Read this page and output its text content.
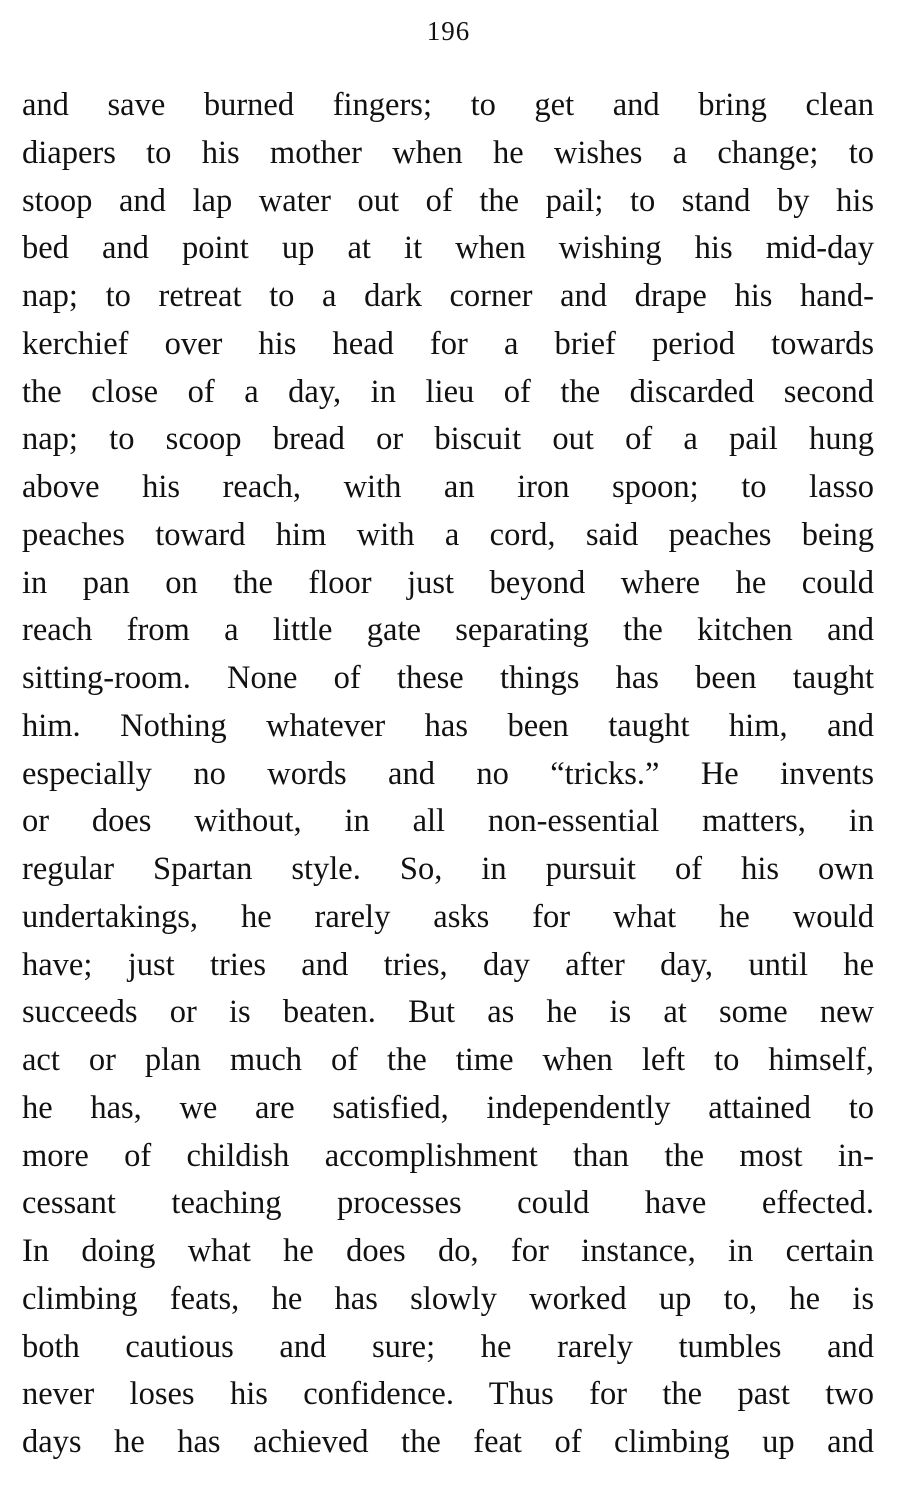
196
and save burned fingers; to get and bring clean
diapers to his mother when he wishes a change; to
stoop and lap water out of the pail; to stand by his
bed and point up at it when wishing his mid-day
nap; to retreat to a dark corner and drape his hand-
kerchief over his head for a brief period towards
the close of a day, in lieu of the discarded second
nap; to scoop bread or biscuit out of a pail hung
above his reach, with an iron spoon; to lasso
peaches toward him with a cord, said peaches being
in pan on the floor just beyond where he could
reach from a little gate separating the kitchen and
sitting-room. None of these things has been taught
him. Nothing whatever has been taught him, and
especially no words and no “tricks.” He invents
or does without, in all non-essential matters, in
regular Spartan style. So, in pursuit of his own
undertakings, he rarely asks for what he would
have; just tries and tries, day after day, until he
succeeds or is beaten. But as he is at some new
act or plan much of the time when left to himself,
he has, we are satisfied, independently attained to
more of childish accomplishment than the most in-
cessant teaching processes could have effected.
In doing what he does do, for instance, in certain
climbing feats, he has slowly worked up to, he is
both cautious and sure; he rarely tumbles and
never loses his confidence. Thus for the past two
days he has achieved the feat of climbing up and
